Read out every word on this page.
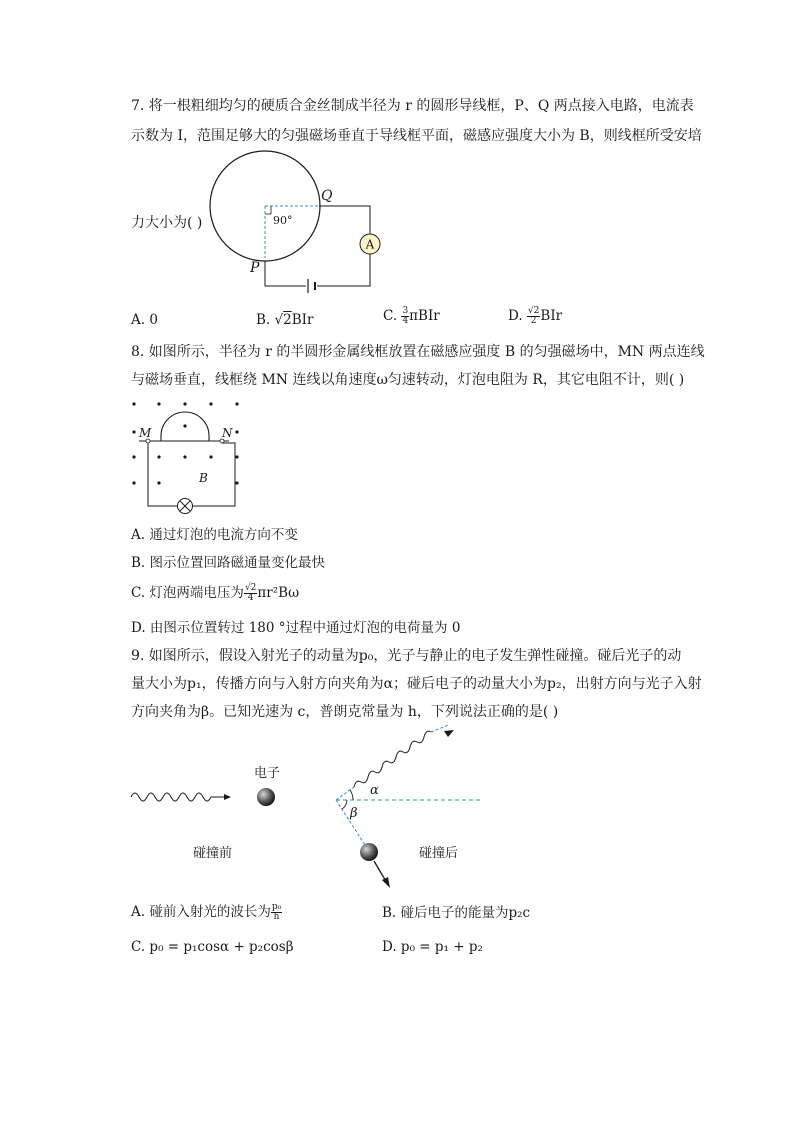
7. 将一根粗细均匀的硬质合金丝制成半径为 r 的圆形导线框，P、Q 两点接入电路，电流表
示数为 I，范围足够大的匀强磁场垂直于导线框平面，磁感应强度大小为 B，则线框所受安培
力大小为( )
A
90°
Q
P
A. 0	B. √2BIr	C. $\frac{3}{4}$ πBIr	D. $\frac{√2}{2}$ BIr
8. 如图所示，半径为 r 的半圆形金属线框放置在磁感应强度 B 的匀强磁场中，MN 两点连线
与磁场垂直，线框绕 MN 连线以角速度ω匀速转动，灯泡电阻为 R，其它电阻不计，则( )
M	N
B
A. 通过灯泡的电流方向不变
B. 图示位置回路磁通量变化最快
C. 灯泡两端电压为 $\frac{√2}{4} \pi r^2B\omega$
D. 由图示位置转过 180 °过程中通过灯泡的电荷量为 0
9. 如图所示，假设入射光子的动量为p₀，光子与静止的电子发生弹性碰撞。碰后光子的动
量大小为p₁，传播方向与入射方向夹角为α；碰后电子的动量大小为p₂，出射方向与光子入射
方向夹角为β。已知光速为 c，普朗克常量为 h，下列说法正确的是( )
电子
碰撞前
α
β
碰撞后
A. 碰前入射光的波长为 $\frac{\text{p₀}}{h}$	B. 碰后电子的能量为p₂c
C. p₀ = p₁cosα + p₂cosβ	D. p₀ = p₁ + p₂
